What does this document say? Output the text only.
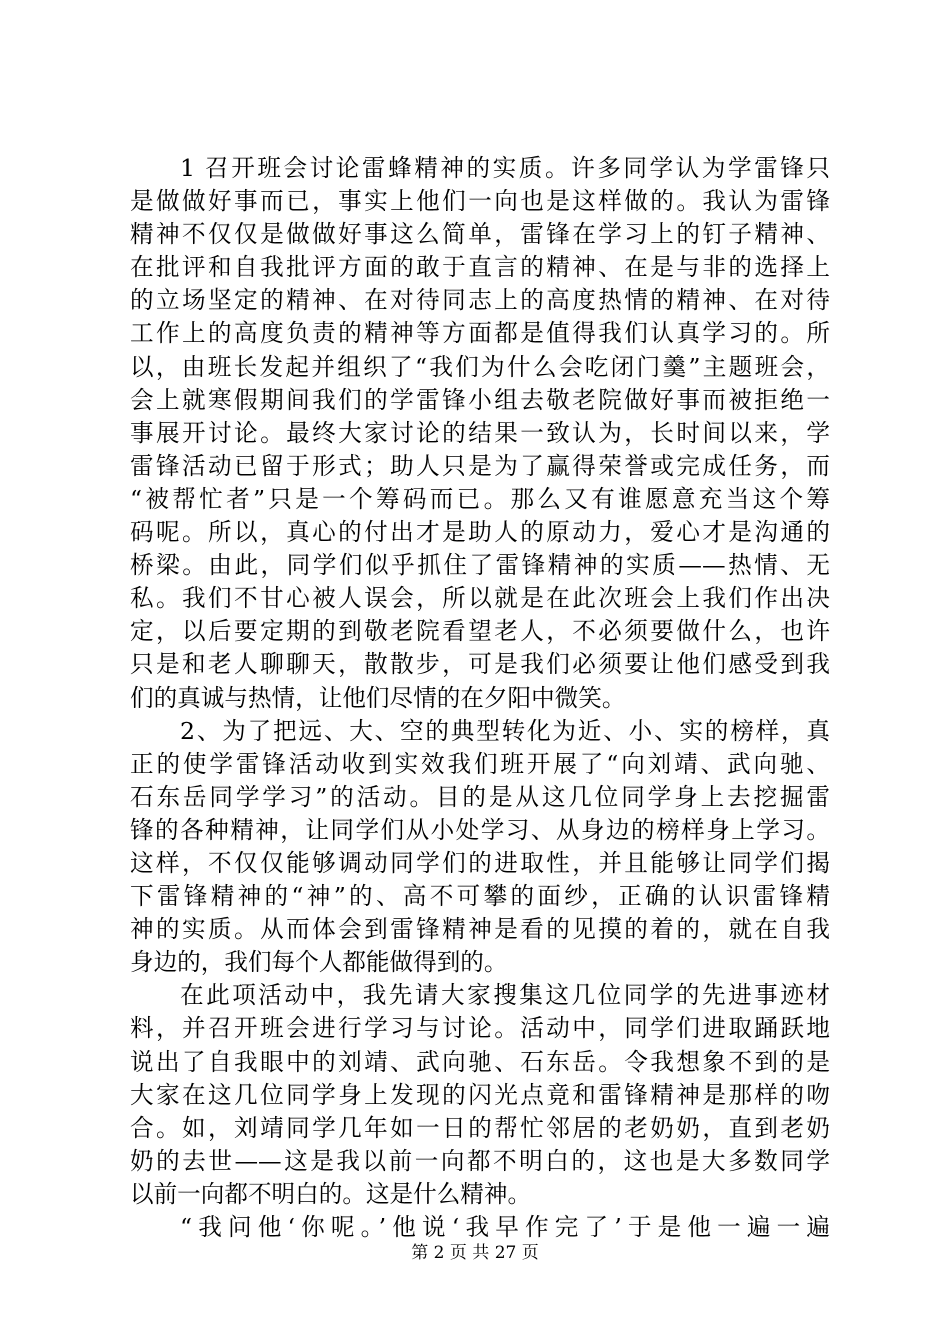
1 召开班会讨论雷蜂精神的实质。许多同学认为学雷锋只
是做做好事而已，事实上他们一向也是这样做的。我认为雷锋
精神不仅仅是做做好事这么简单，雷锋在学习上的钉子精神、
在批评和自我批评方面的敢于直言的精神、在是与非的选择上
的立场坚定的精神、在对待同志上的高度热情的精神、在对待
工作上的高度负责的精神等方面都是值得我们认真学习的。所
以，由班长发起并组织了“我们为什么会吃闭门羹”主题班会，
会上就寒假期间我们的学雷锋小组去敬老院做好事而被拒绝一
事展开讨论。最终大家讨论的结果一致认为，长时间以来，学
雷锋活动已留于形式；助人只是为了赢得荣誉或完成任务，而
“被帮忙者”只是一个筹码而已。那么又有谁愿意充当这个筹
码呢。所以，真心的付出才是助人的原动力，爱心才是沟通的
桥梁。由此，同学们似乎抓住了雷锋精神的实质——热情、无
私。我们不甘心被人误会，所以就是在此次班会上我们作出决
定，以后要定期的到敬老院看望老人，不必须要做什么，也许
只是和老人聊聊天，散散步，可是我们必须要让他们感受到我
们的真诚与热情，让他们尽情的在夕阳中微笑。
2、为了把远、大、空的典型转化为近、小、实的榜样，真
正的使学雷锋活动收到实效我们班开展了“向刘靖、武向驰、
石东岳同学学习”的活动。目的是从这几位同学身上去挖掘雷
锋的各种精神，让同学们从小处学习、从身边的榜样身上学习。
这样，不仅仅能够调动同学们的进取性，并且能够让同学们揭
下雷锋精神的“神”的、高不可攀的面纱，正确的认识雷锋精
神的实质。从而体会到雷锋精神是看的见摸的着的，就在自我
身边的，我们每个人都能做得到的。
在此项活动中，我先请大家搜集这几位同学的先进事迹材
料，并召开班会进行学习与讨论。活动中，同学们进取踊跃地
说出了自我眼中的刘靖、武向驰、石东岳。令我想象不到的是
大家在这几位同学身上发现的闪光点竟和雷锋精神是那样的吻
合。如，刘靖同学几年如一日的帮忙邻居的老奶奶，直到老奶
奶的去世——这是我以前一向都不明白的，这也是大多数同学
以前一向都不明白的。这是什么精神。
“我问他‘你呢。’他说‘我早作完了’于是他一遍一遍
第 2 页 共 27 页
